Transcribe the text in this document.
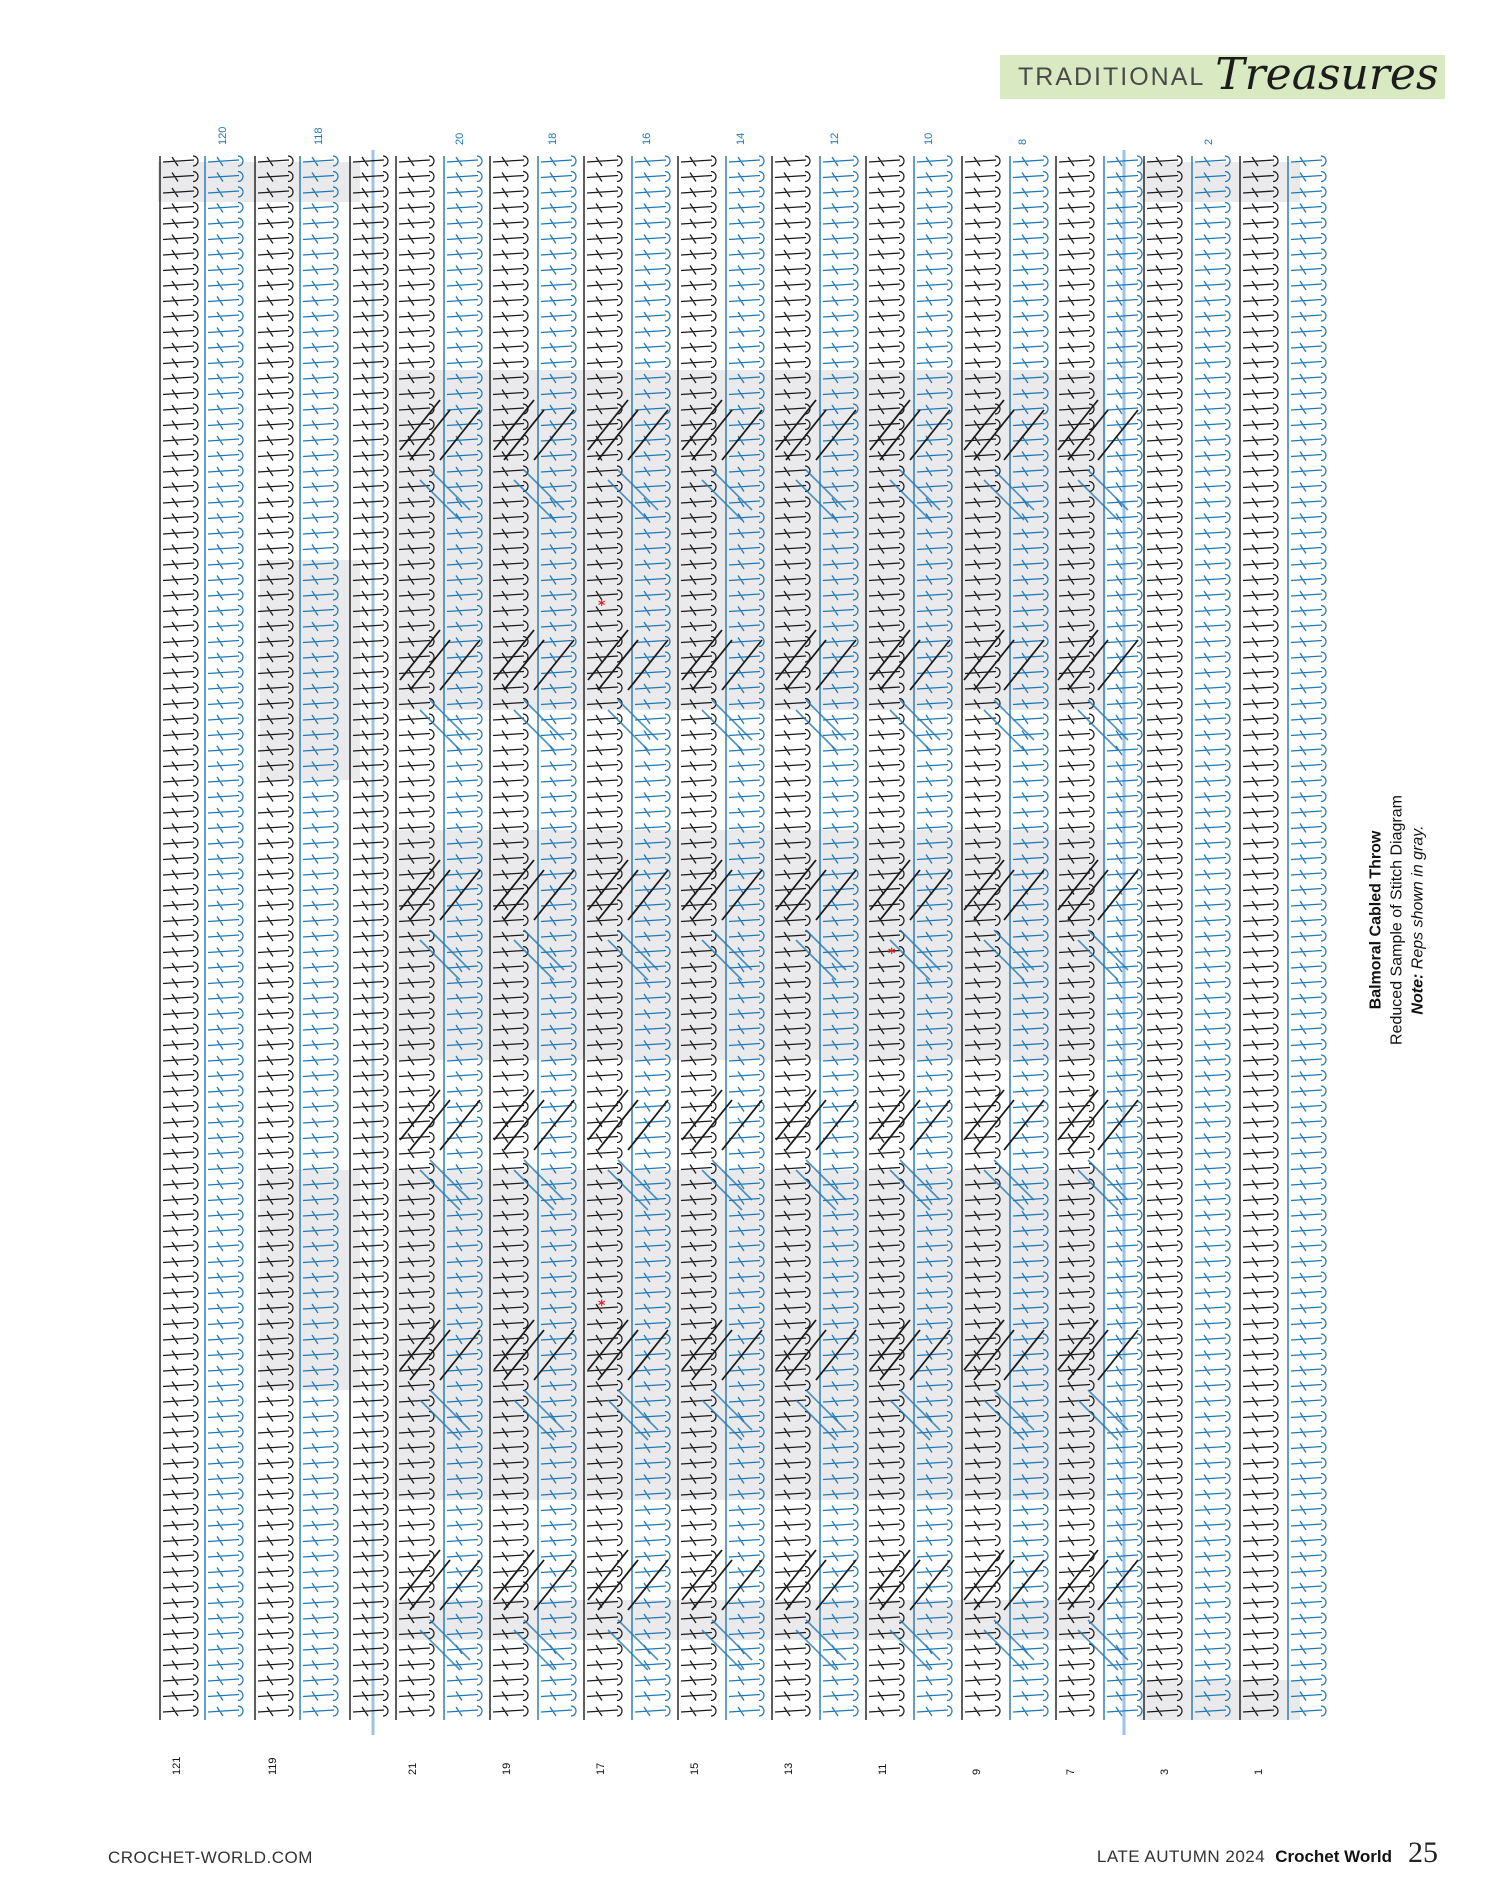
TRADITIONAL Treasures
*
*
*
120	118
121	119
20	18	16	14	12	10	8
21	19	17	15	13	11	9	7
2
3	1
Balmoral Cabled Throw Reduced Sample of Stitch Diagram Note: Reps shown in gray.
CROCHET-WORLD.COM	LATE AUTUMN 2024 Crochet World 25
